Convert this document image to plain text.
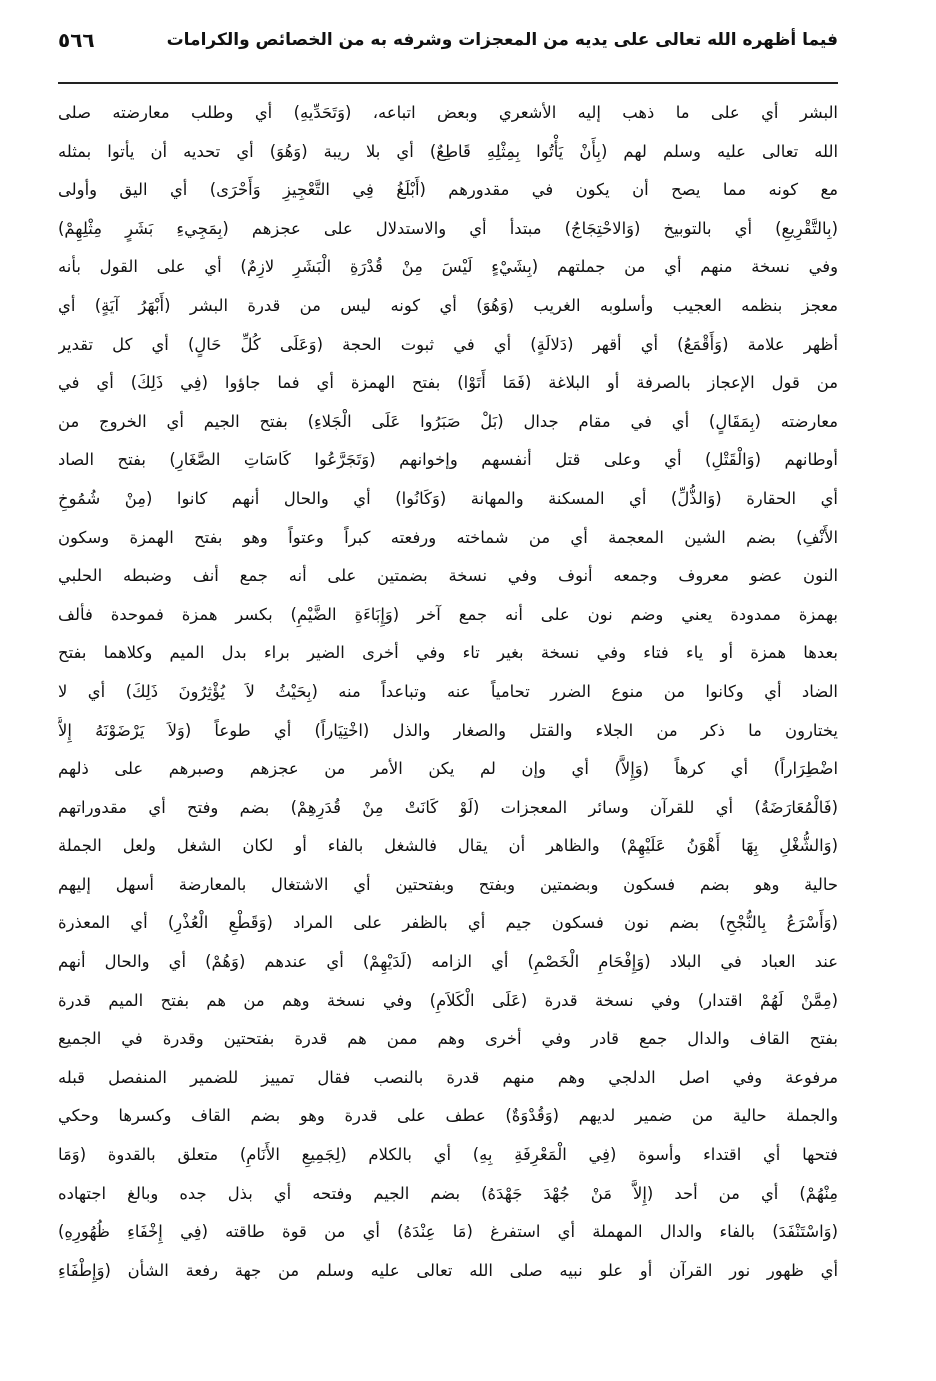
فيما أظهره الله تعالى على يديه من المعجزات وشرفه به من الخصائص والكرامات
٥٦٦
البشر أي على ما ذهب إليه الأشعري وبعض اتباعه، (وَتَحَدِّيهِ) أي وطلب معارضته صلى
الله تعالى عليه وسلم لهم (بِأَنْ يَأْتُوا بِمِثْلِهِ قَاطِعٌ) أي بلا ريبة (وَهُوَ) أي تحديه أن يأتوا بمثله
مع كونه مما يصح أن يكون في مقدورهم (أَبْلَغُ فِي التَّعْجِيزِ وَأَحْرَى) أي اليق وأولى
(بِالتَّقْرِيعِ) أي بالتوبيخ (وَالاحْتِجَاجُ) مبتدأ أي والاستدلال على عجزهم (بِمَجِيءِ بَشَرٍ مِثْلِهِمْ)
وفي نسخة منهم أي من جملتهم (بِشَيْءٍ لَيْسَ مِنْ قُدْرَةِ الْبَشَرِ لازِمٌ) أي على القول بأنه
معجز بنظمه العجيب وأسلوبه الغريب (وَهُوَ) أي كونه ليس من قدرة البشر (أَبْهَرُ آيَةٍ) أي
أظهر علامة (وَأَقْمَعُ) أي أقهر (دَلالَةٍ) أي في ثبوت الحجة (وَعَلَى كُلِّ حَالٍ) أي كل تقدير
من قول الإعجاز بالصرفة أو البلاغة (فَمَا أَتَوْا) بفتح الهمزة أي فما جاؤوا (فِي ذَلِكَ) أي في
معارضته (بِمَقَالٍ) أي في مقام جدال (بَلْ صَبَرُوا عَلَى الْجَلاءِ) بفتح الجيم أي الخروج من
أوطانهم (وَالْقَتْلِ) أي وعلى قتل أنفسهم وإخوانهم (وَتَجَرَّعُوا كَاسَاتِ الصَّغَارِ) بفتح الصاد
أي الحقارة (وَالذُّلِّ) أي المسكنة والمهانة (وَكَانُوا) أي والحال أنهم كانوا (مِنْ شُمُوخِ
الأَنْفِ) بضم الشين المعجمة أي من شماخته ورفعته كبراً وعتواً وهو بفتح الهمزة وسكون
النون عضو معروف وجمعه أنوف وفي نسخة بضمتين على أنه جمع أنف وضبطه الحلبي
بهمزة ممدودة يعني وضم نون على أنه جمع آخر (وَإِبَاءَةِ الضَّيْمِ) بكسر همزة فموحدة فألف
بعدها همزة أو ياء فتاء وفي نسخة بغير تاء وفي أخرى الضير براء بدل الميم وكلاهما بفتح
الضاد أي وكانوا من منوع الضرر تحامياً عنه وتباعداً منه (بِحَيْثُ لاَ يُؤْثِرُونَ ذَلِكَ) أي لا
يختارون ما ذكر من الجلاء والقتل والصغار والذل (اخْتِيَاراً) أي طوعاً (وَلاَ يَرْضَوْنَهُ إِلاَّ
اضْطِرَاراً) أي كرهاً (وَإِلاَّ) أي وإن لم يكن الأمر من عجزهم وصبرهم على ذلهم
(فَالْمُعَارَضَةُ) أي للقرآن وسائر المعجزات (لَوْ كَانَتْ مِنْ قُدَرِهِمْ) بضم وفتح أي مقدوراتهم
(وَالشُّغْلِ بِهَا أَهْوَنُ عَلَيْهِمْ) والظاهر أن يقال فالشغل بالفاء أو لكان الشغل ولعل الجملة
حالية وهو بضم فسكون وبضمتين وبفتح وبفتحتين أي الاشتغال بالمعارضة أسهل إليهم
(وَأَسْرَعُ بِالنُّجْحِ) بضم نون فسكون جيم أي بالظفر على المراد (وَقَطْعِ الْعُذْرِ) أي المعذرة
عند العباد في البلاد (وَإِفْحَامِ الْخَصْمِ) أي الزامه (لَدَيْهِمْ) أي عندهم (وَهُمْ) أي والحال أنهم
(مِمَّنْ لَهُمْ اقتدار) وفي نسخة قدرة (عَلَى الْكَلاَمِ) وفي نسخة وهم من هم بفتح الميم قدرة
بفتح القاف والدال جمع قادر وفي أخرى وهم ممن هم قدرة بفتحتين وقدرة في الجميع
مرفوعة وفي اصل الدلجي وهم منهم قدرة بالنصب فقال تمييز للضمير المنفصل قبله
والجملة حالية من ضمير لديهم (وَقُدْوَةٌ) عطف على قدرة وهو بضم القاف وكسرها وحكي
فتحها أي اقتداء وأسوة (فِي الْمَعْرِفَةِ بِهِ) أي بالكلام (لِجَمِيعِ الأَنَامِ) متعلق بالقدوة (وَمَا
مِنْهُمْ) أي من أحد (إِلاَّ مَنْ جُهْدَ جَهْدَهُ) بضم الجيم وفتحه أي بذل جده وبالغ اجتهاده
(وَاسْتَنْفَدَ) بالفاء والدال المهملة أي استفرغ (مَا عِنْدَهُ) أي من قوة طاقته (فِي إِخْفَاءِ ظُهُورِهِ)
أي ظهور نور القرآن أو علو نبيه صلى الله تعالى عليه وسلم من جهة رفعة الشأن (وَإِطْفَاءِ
